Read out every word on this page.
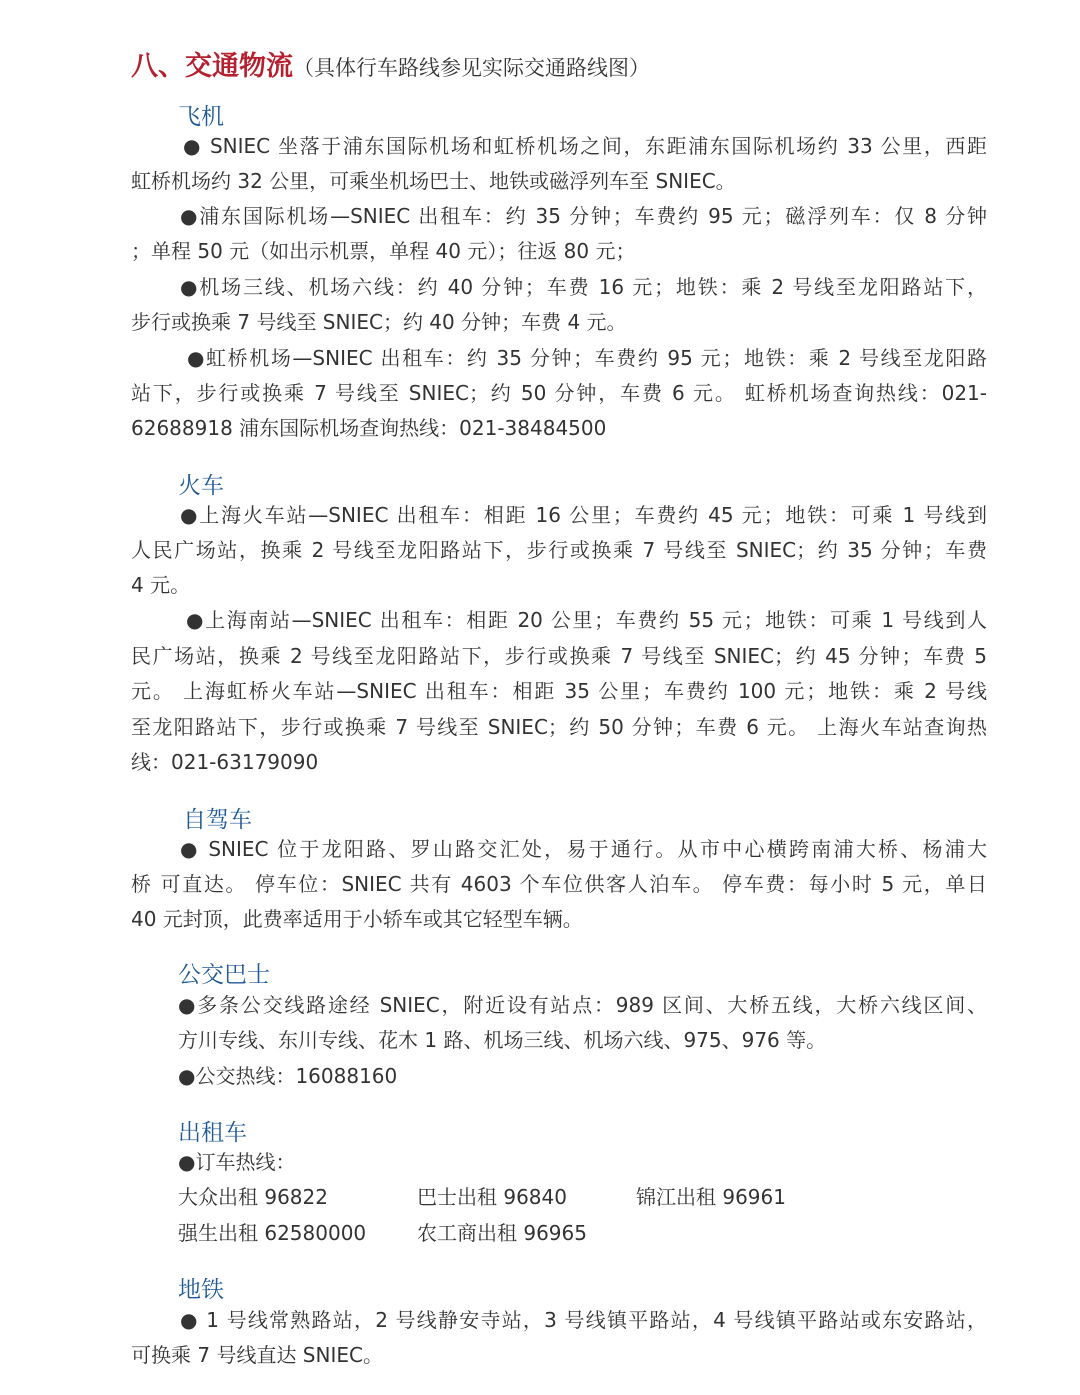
八、交通物流（具体行车路线参见实际交通路线图）
飞机
● SNIEC 坐落于浦东国际机场和虹桥机场之间，东距浦东国际机场约 33 公里，西距
虹桥机场约 32 公里，可乘坐机场巴士、地铁或磁浮列车至 SNIEC。
●浦东国际机场—SNIEC 出租车：约 35 分钟；车费约 95 元；磁浮列车：仅 8 分钟
；单程 50 元（如出示机票，单程 40 元）；往返 80 元；
●机场三线、机场六线：约 40 分钟；车费 16 元；地铁：乘 2 号线至龙阳路站下，
步行或换乘 7 号线至 SNIEC；约 40 分钟；车费 4 元。
●虹桥机场—SNIEC 出租车：约 35 分钟；车费约 95 元；地铁：乘 2 号线至龙阳路
站下，步行或换乘 7 号线至 SNIEC；约 50 分钟，车费 6 元。 虹桥机场查询热线：021-
62688918 浦东国际机场查询热线：021-38484500
火车
●上海火车站—SNIEC 出租车：相距 16 公里；车费约 45 元；地铁：可乘 1 号线到
人民广场站，换乘 2 号线至龙阳路站下，步行或换乘 7 号线至 SNIEC；约 35 分钟；车费
4 元。
●上海南站—SNIEC 出租车：相距 20 公里；车费约 55 元；地铁：可乘 1 号线到人
民广场站，换乘 2 号线至龙阳路站下，步行或换乘 7 号线至 SNIEC；约 45 分钟；车费 5
元。 上海虹桥火车站—SNIEC 出租车：相距 35 公里；车费约 100 元；地铁：乘 2 号线
至龙阳路站下，步行或换乘 7 号线至 SNIEC；约 50 分钟；车费 6 元。 上海火车站查询热
线：021-63179090
自驾车
● SNIEC 位于龙阳路、罗山路交汇处，易于通行。从市中心横跨南浦大桥、杨浦大
桥 可直达。 停车位：SNIEC 共有 4603 个车位供客人泊车。 停车费：每小时 5 元，单日
40 元封顶，此费率适用于小轿车或其它轻型车辆。
公交巴士
●多条公交线路途经 SNIEC，附近设有站点：989 区间、大桥五线，大桥六线区间、
方川专线、东川专线、花木 1 路、机场三线、机场六线、975、976 等。
●公交热线：16088160
出租车
●订车热线：
地铁
● 1 号线常熟路站，2 号线静安寺站，3 号线镇平路站，4 号线镇平路站或东安路站，
可换乘 7 号线直达 SNIEC。
大众出租 96822	巴士出租 96840	锦江出租 96961
强生出租 62580000	农工商出租 96965
